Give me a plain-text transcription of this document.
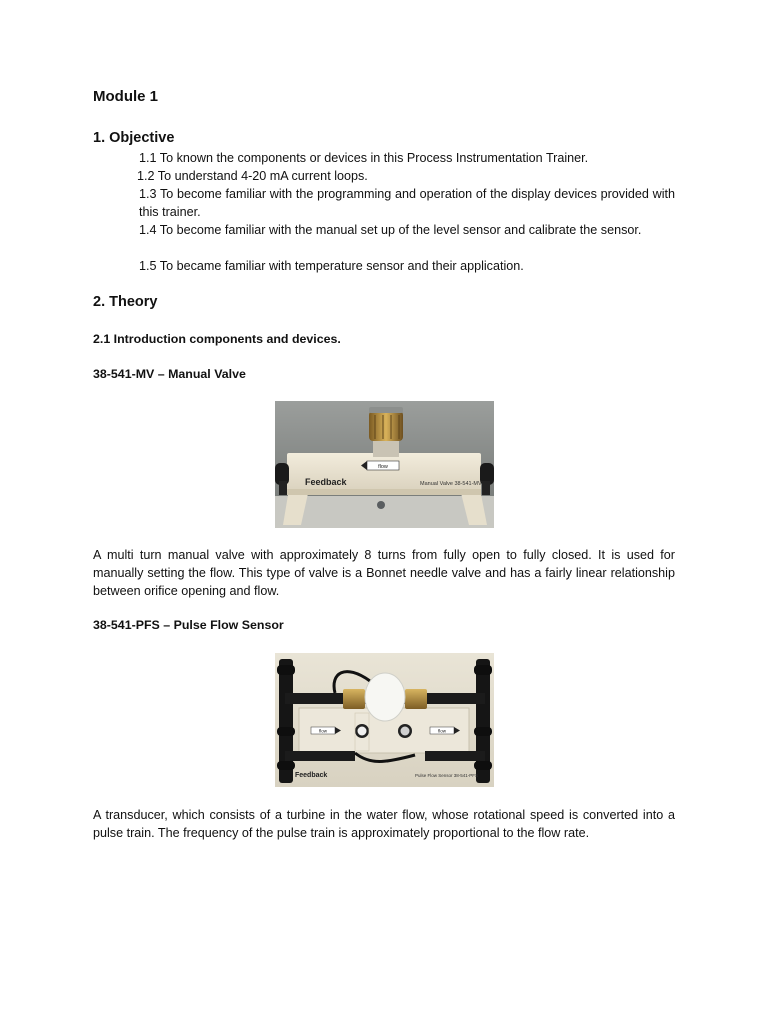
Module 1
1. Objective
1.1 To known the components or devices in this Process Instrumentation Trainer.
1.2 To understand 4-20 mA current loops.
1.3 To become familiar with the programming and operation of the display devices provided with this trainer.
1.4 To become familiar with the manual set up of the level sensor and calibrate the sensor.
1.5 To became familiar with temperature sensor and their application.
2. Theory
2.1 Introduction components and devices.
38-541-MV – Manual Valve
flow
Feedback	Manual Valve 38-541-MV
A multi turn manual valve with approximately 8 turns from fully open to fully closed. It is used for manually setting the flow. This type of valve is a Bonnet needle valve and has a fairly linear relationship between orifice opening and flow.
38-541-PFS – Pulse Flow Sensor
flow	flow
Feedback	Pulse Flow Sensor 38-541-PFS
A transducer, which consists of a turbine in the water flow, whose rotational speed is converted into a pulse train. The frequency of the pulse train is approximately proportional to the flow rate.
